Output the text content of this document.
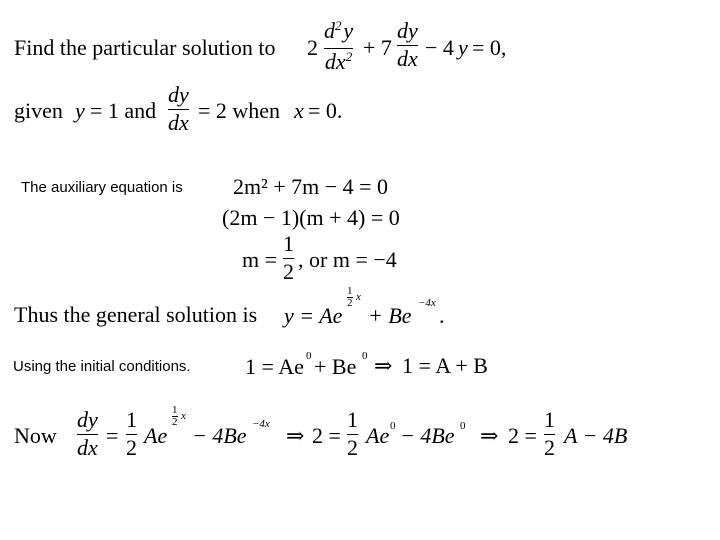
Find the particular solution to 2
$d^2$ y
$dx^2 + 7$
dy
dx − 4 y = 0,
given y = 1 and
dy
dx = 2 when x = 0.
The auxiliary equation is 2m² + 7m − 4 = 0
(2m − 1)(m + 4) = 0
m =
1
2 , or m = −4
Thus the general solution is y = Ae
1
2 x
+ Be −4x .
Using the initial conditions. 1 = Ae 0 + Be 0 ⇒ 1 = A + B
Now
dy
dx =
1
2 Ae
1
2 x
− 4Be −4x ⇒ 2 =
1
2 Ae 0 − 4Be 0 ⇒ 2 =
1
2 A − 4B
